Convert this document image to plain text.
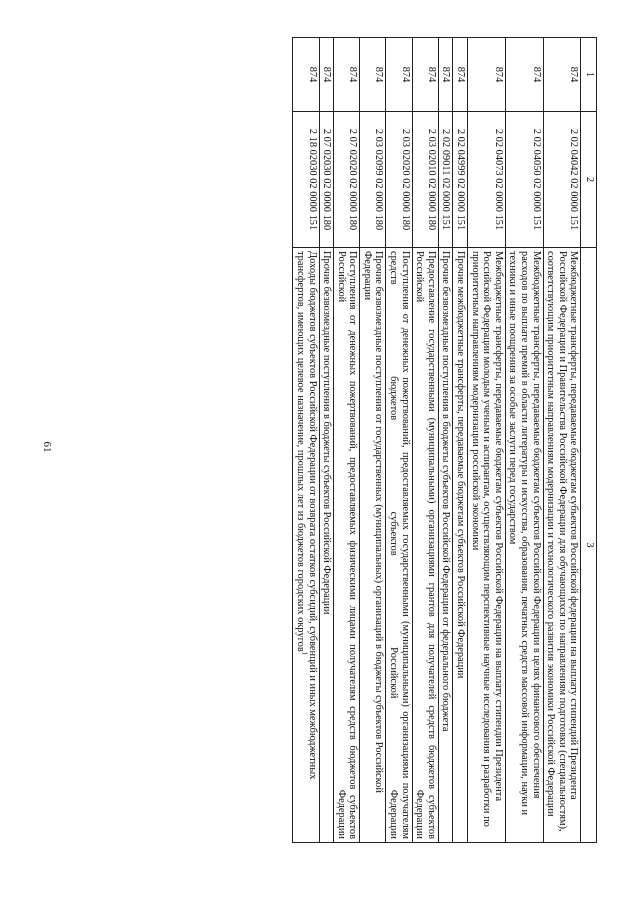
61
1	2	3
874	2 02 04042 02 0000 151	Межбюджетные трансферты, передаваемые бюджетам субъектов Российской федерации на выплату стипендий Президента Российской Федерации и Правительства Российской Федерации для обучающихся по направлениям подготовки (специальностям), соответствующим приоритетным направлениям модернизации и технологического развития экономики Российской Федерации
874	2 02 04050 02 0000 151	Межбюджетные трансферты, передаваемые бюджетам субъектов Российской Федерации в целях финансового обеспечения расходов по выплате премий в области литературы и искусства, образования, печатных средств массовой информации, науки и техники и иные поощрения за особые заслуги перед государством
874	2 02 04073 02 0000 151	Межбюджетные трансферты, передаваемые бюджетам субъектов Российской Федерации на выплату стипендии Президента Российской Федерации молодым ученым и аспирантам, осуществляющим перспективные научные исследования и разработки по приоритетным направлениям модернизации российской экономики
874	2 02 04999 02 0000 151	Прочие межбюджетные трансферты, передаваемые бюджетам субъектов Российской Федерации
874	2 02 09011 02 0000 151	Прочие безвозмездные поступления в бюджеты субъектов Российской Федерации от федерального бюджета
874	2 03 02010 02 0000 180	Предоставление государственными (муниципальными) организациями грантов для получателей средств бюджетов субъектов Российской Федерации
874	2 03 02020 02 0000 180	Поступления от денежных пожертвований, предоставляемых государственными (муниципальными) организациями получателям средств бюджетов субъектов Российской Федерации
874	2 03 02099 02 0000 180	Прочие безвозмездные поступления от государственных (муниципальных) организаций в бюджеты субъектов Российской Федерации
874	2 07 02020 02 0000 180	Поступления от денежных пожертвований, предоставляемых физическими лицами получателям средств бюджетов субъектов Российской Федерации
874	2 07 02030 02 0000 180	Прочие безвозмездные поступления в бюджеты субъектов Российской Федерации
874	2 18 02030 02 0000 151	Доходы бюджетов субъектов Российской Федерации от возврата остатков субсидий, субвенций и иных межбюджетных трансфертов, имеющих целевое назначение, прошлых лет из бюджетов городских округов$^1$
